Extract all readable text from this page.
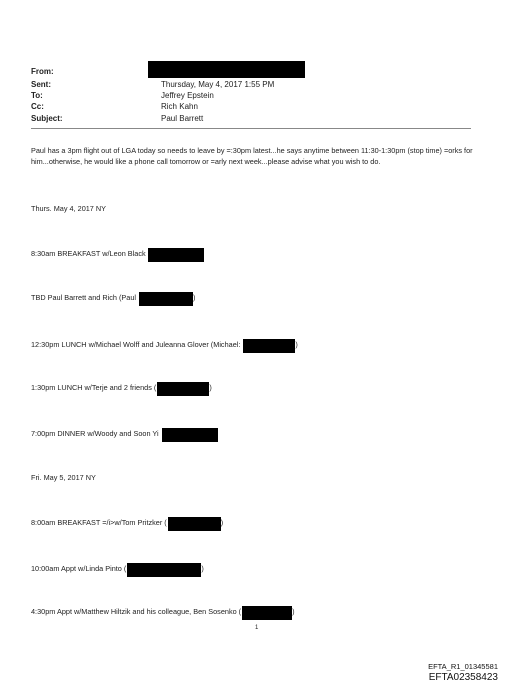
From:
Sent:	Thursday, May 4, 2017 1:55 PM
To:	Jeffrey Epstein
Cc:	Rich Kahn
Subject:	Paul Barrett
Paul has a 3pm flight out of LGA today so needs to leave by =:30pm latest...he says anytime between 11:30-1:30pm (stop time) =orks for him...otherwise, he would like a phone call tomorrow or =arly next week...please advise what you wish to do.
Thurs. May 4, 2017 NY
8:30am BREAKFAST w/Leon Black
TBD Paul Barrett and Rich (Paul	)
12:30pm LUNCH w/Michael Wolff and Juleanna Glover (Michael:	)
1:30pm LUNCH w/Terje and 2 friends (	)
7:00pm DINNER w/Woody and Soon Yi
Fri. May 5, 2017 NY
8:00am BREAKFAST =/i>w/Tom Pritzker (	)
10:00am Appt w/Linda Pinto (	)
4:30pm Appt w/Matthew Hiltzik and his colleague, Ben Sosenko (	)
1
EFTA_R1_01345581
EFTA02358423
